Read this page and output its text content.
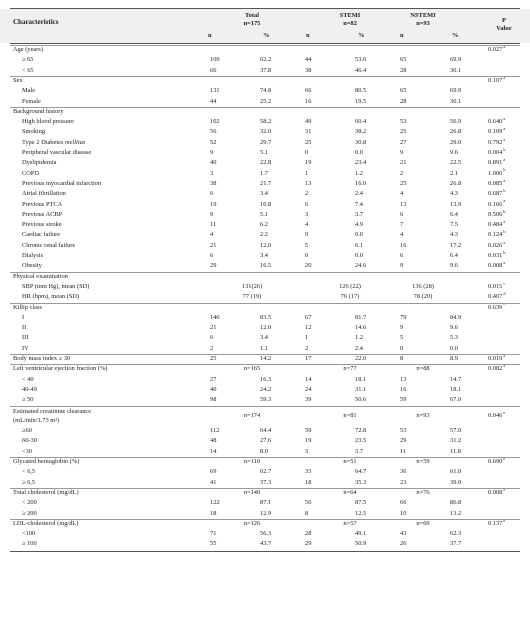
Characteristics
Total
n=175
STEMI
n=82
NSTEMI
n=93	P
Value
n	%	n	%	n	%
Age (years)	0.027$^a$
≥ 65	109	62.2	44	53.6	65	69.9
< 65	66	37.8	38	46.4	28	30.1
Sex	0.107$^a$
Male	131	74.8	66	80.5	65	69.9
Female	44	25.2	16	19.5	28	30.1
Background history
High blood pressure	102	58.2	49	60.4	53	56.9	0.640$^a$
Smoking	56	32.0	31	38.2	25	26.8	0.109$^a$
Type 2 Diabetes mellitus	52	29.7	25	30.8	27	29.0	0.792$^a$
Peripheral vascular disease	9	5.1	0	0.0	9	9.6	0.004$^b$
Dyslipidemia	40	22.8	19	23.4	21	22.5	0.891$^a$
COPD	3	1.7	1	1.2	2	2.1	1.000$^b$
Previous myocardial infarction	38	21.7	13	16.0	25	26.8	0.085$^a$
Atrial fibrillation	6	3.4	2	2.4	4	4.3	0.687$^b$
Previous PTCA	19	10.8	6	7.4	13	13.9	0.166$^a$
Previous ACBP	9	5.1	3	3.7	6	6.4	0.506$^b$
Previous stroke	11	6.2	4	4.9	7	7.5	0.484$^a$
Cardiac failure	4	2.2	0	0.0	4	4.3	0.124$^b$
Chronic renal failure	21	12.0	5	6.1	16	17.2	0.026$^a$
Dialysis	6	3.4	0	0.0	6	6.4	0.031$^b$
Obesity	29	16.5	20	24.6	9	9.6	0.008$^a$
Physical examination
SBP (mm Hg), mean (SD)	131(26)	126 (22)	136 (28)	0.015$^c$
HR (bpm), mean (SD)	77 (19)	76 (17)	78 (20)	0.407$^d$
Killip class	0.639e
I	146	83.5	67	81.7	79	84.9
II	21	12.0	12	14.6	9	9.6
III	6	3.4	1	1.2	5	5.3
IV	2	1.1	2	2.4	0	0.0
Body mass index ≥ 30	25	14.2	17	22.0	8	8.9	0.019$^a$
Left ventricular ejection fraction (%)	n=165	n=77	n=88	0.082$^a$
< 40	27	16.3	14	18.1	13	14.7
40-49	40	24.2	24	31.1	16	18.1
≥ 50	98	59.3	39	50.6	59	67.0
Estimated creatinine clearance
(mL/min/1.73 m²)
n=174	n=81	n=93	0.046$^e$
≥60	112	64.4	59	72.8	53	57.0
60-30	48	27.6	19	23.5	29	31.2
<30	14	8.0	3	3.7	11	11.8
Glycated hemoglobin (%)	n=110	n=51	n=59	0.690$^e$
< 6,5	69	62.7	33	64.7	36	61.0
≥ 6,5	41	37.3	18	35.3	23	39.0
Total cholesterol (mg/dL)	n=140	n=64	n=76	0.908$^e$
< 200	122	87.1	56	87.5	66	86.8
≥ 200	18	12.9	8	12.5	10	13.2
LDL-cholesterol (mg/dL)	n=126	n=57	n=69	0.137$^e$
<100	71	56.3	28	49.1	43	62.3
≥ 100	55	43.7	29	50.9	26	37.7
